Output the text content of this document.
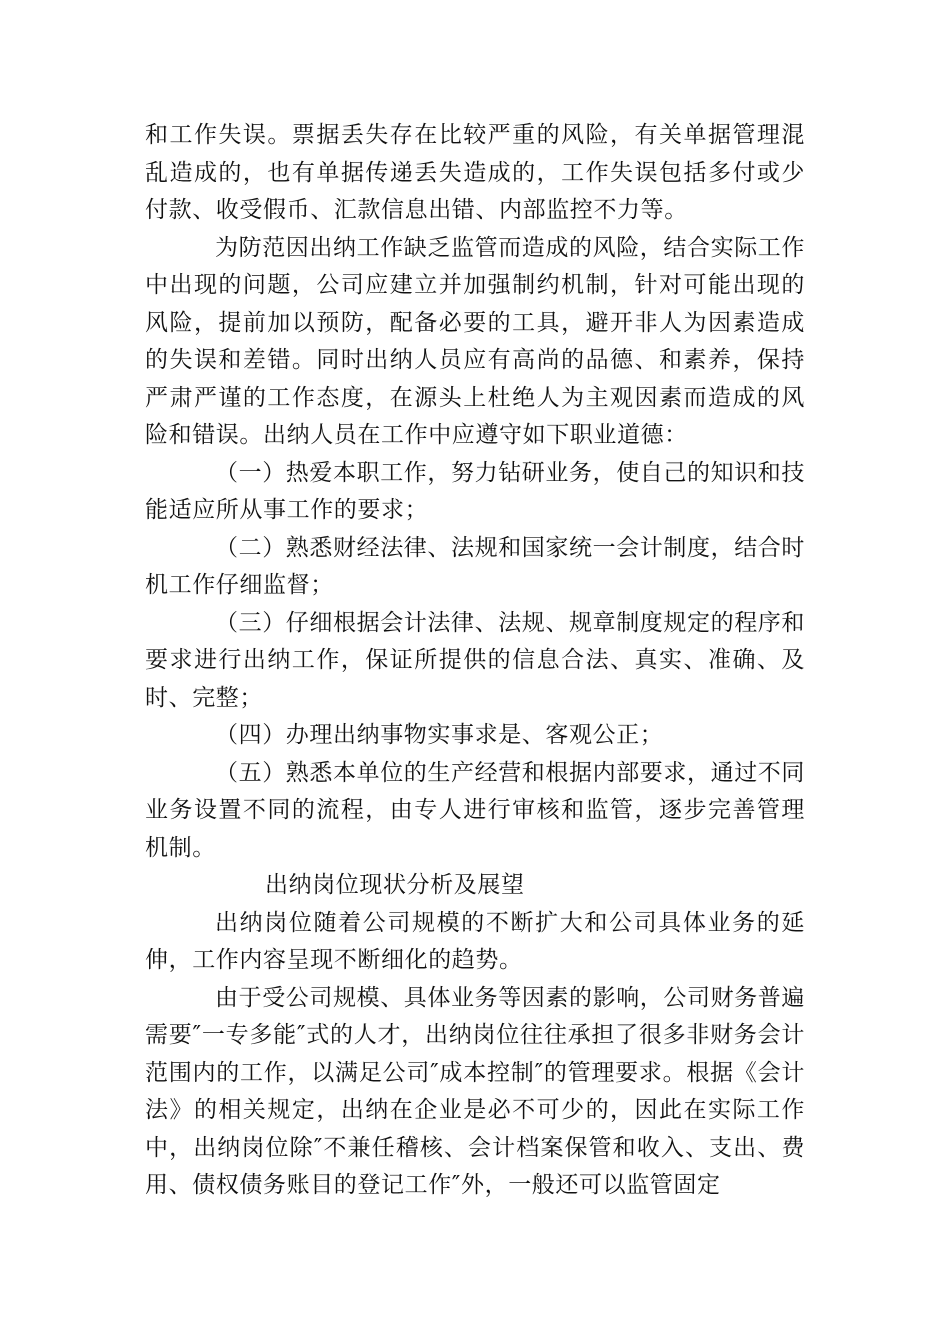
和工作失误。票据丢失存在比较严重的风险，有关单据管理混乱造成的，也有单据传递丢失造成的，工作失误包括多付或少付款、收受假币、汇款信息出错、内部监控不力等。

为防范因出纳工作缺乏监管而造成的风险，结合实际工作中出现的问题，公司应建立并加强制约机制，针对可能出现的风险，提前加以预防，配备必要的工具，避开非人为因素造成的失误和差错。同时出纳人员应有高尚的品德、和素养，保持严肃严谨的工作态度，在源头上杜绝人为主观因素而造成的风险和错误。出纳人员在工作中应遵守如下职业道德：

（一）热爱本职工作，努力钻研业务，使自己的知识和技能适应所从事工作的要求；

（二）熟悉财经法律、法规和国家统一会计制度，结合时机工作仔细监督；

（三）仔细根据会计法律、法规、规章制度规定的程序和要求进行出纳工作，保证所提供的信息合法、真实、准确、及时、完整；

（四）办理出纳事物实事求是、客观公正；

（五）熟悉本单位的生产经营和根据内部要求，通过不同业务设置不同的流程，由专人进行审核和监管，逐步完善管理机制。

出纳岗位现状分析及展望

出纳岗位随着公司规模的不断扩大和公司具体业务的延伸，工作内容呈现不断细化的趋势。

由于受公司规模、具体业务等因素的影响，公司财务普遍需要″一专多能″式的人才，出纳岗位往往承担了很多非财务会计范围内的工作，以满足公司″成本控制″的管理要求。根据《会计法》的相关规定，出纳在企业是必不可少的，因此在实际工作中，出纳岗位除″不兼任稽核、会计档案保管和收入、支出、费用、债权债务账目的登记工作″外，一般还可以监管固定
